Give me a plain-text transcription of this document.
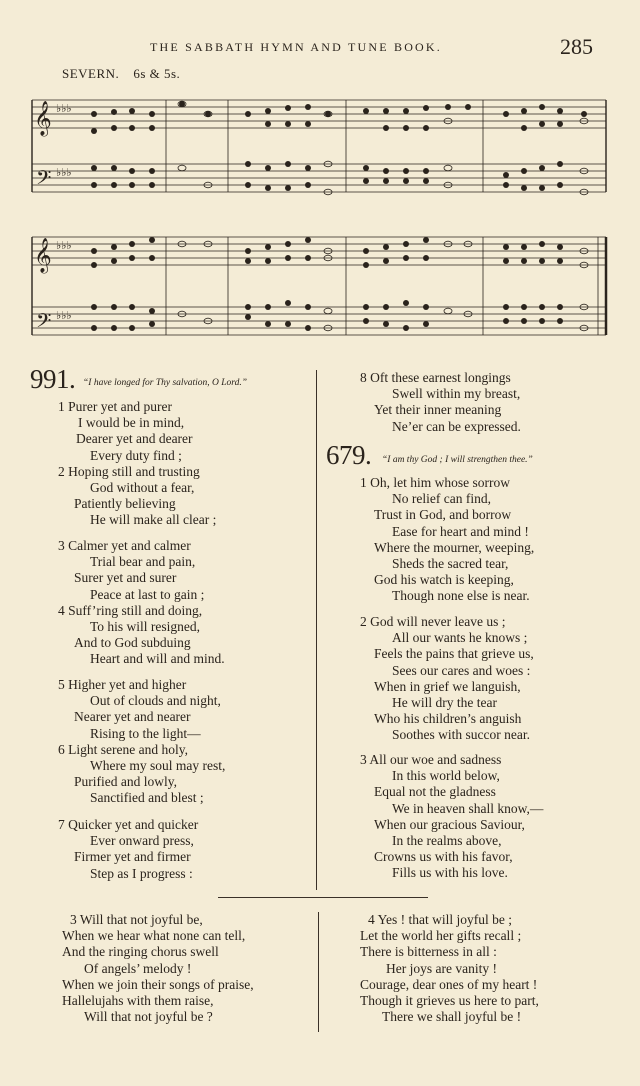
THE SABBATH HYMN AND TUNE BOOK.	285
SEVERN. 6s & 5s.
𝄞
𝄢
♭♭♭
♭♭♭
𝄞
𝄢
♭♭♭
♭♭♭
991. “I have longed for Thy salvation, O Lord.”
1 Purer yet and purer
I would be in mind,
Dearer yet and dearer
Every duty find ;
2 Hoping still and trusting
God without a fear,
Patiently believing
He will make all clear ;
3 Calmer yet and calmer
Trial bear and pain,
Surer yet and surer
Peace at last to gain ;
4 Suff’ring still and doing,
To his will resigned,
And to God subduing
Heart and will and mind.
5 Higher yet and higher
Out of clouds and night,
Nearer yet and nearer
Rising to the light—
6 Light serene and holy,
Where my soul may rest,
Purified and lowly,
Sanctified and blest ;
7 Quicker yet and quicker
Ever onward press,
Firmer yet and firmer
Step as I progress :
8 Oft these earnest longings
Swell within my breast,
Yet their inner meaning
Ne’er can be expressed.
679. “I am thy God ; I will strengthen thee.”
1 Oh, let him whose sorrow
No relief can find,
Trust in God, and borrow
Ease for heart and mind !
Where the mourner, weeping,
Sheds the sacred tear,
God his watch is keeping,
Though none else is near.
2 God will never leave us ;
All our wants he knows ;
Feels the pains that grieve us,
Sees our cares and woes :
When in grief we languish,
He will dry the tear
Who his children’s anguish
Soothes with succor near.
3 All our woe and sadness
In this world below,
Equal not the gladness
We in heaven shall know,—
When our gracious Saviour,
In the realms above,
Crowns us with his favor,
Fills us with his love.
3 Will that not joyful be,
When we hear what none can tell,
And the ringing chorus swell
Of angels’ melody !
When we join their songs of praise,
Hallelujahs with them raise,
Will that not joyful be ?
4 Yes ! that will joyful be ;
Let the world her gifts recall ;
There is bitterness in all :
Her joys are vanity !
Courage, dear ones of my heart !
Though it grieves us here to part,
There we shall joyful be !
